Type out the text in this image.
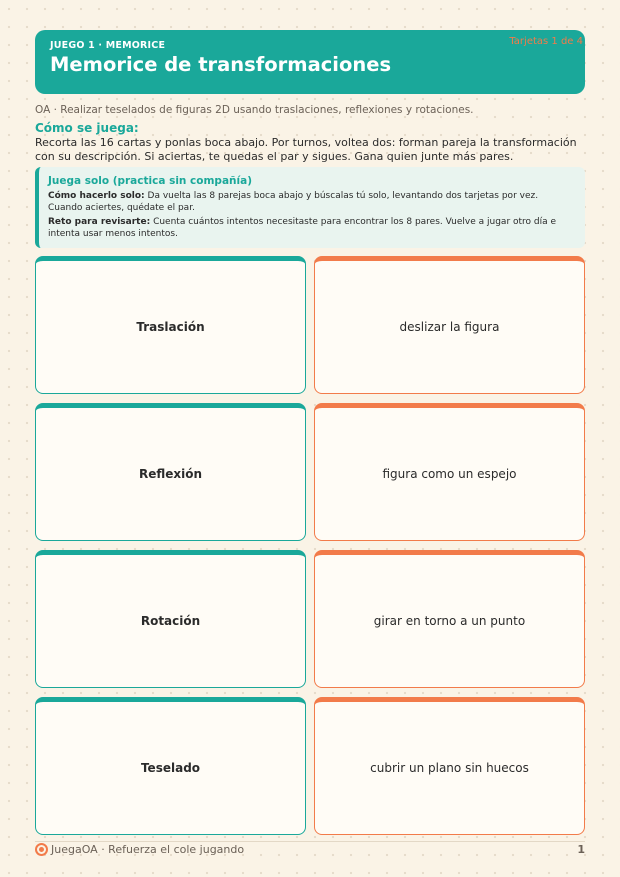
JUEGO 1 · MEMORICE
Memorice de transformaciones
Tarjetas 1 de 4
OA · Realizar teselados de figuras 2D usando traslaciones, reflexiones y rotaciones.
Cómo se juega:
Recorta las 16 cartas y ponlas boca abajo. Por turnos, voltea dos: forman pareja la transformación con su descripción. Si aciertas, te quedas el par y sigues. Gana quien junte más pares.
Juega solo (practica sin compañía)
Cómo hacerlo solo: Da vuelta las 8 parejas boca abajo y búscalas tú solo, levantando dos tarjetas por vez. Cuando aciertes, quédate el par.
Reto para revisarte: Cuenta cuántos intentos necesitaste para encontrar los 8 pares. Vuelve a jugar otro día e intenta usar menos intentos.
Traslación	deslizar la figura
Reflexión	figura como un espejo
Rotación	girar en torno a un punto
Teselado	cubrir un plano sin huecos
JuegaOA · Refuerza el cole jugando	1
